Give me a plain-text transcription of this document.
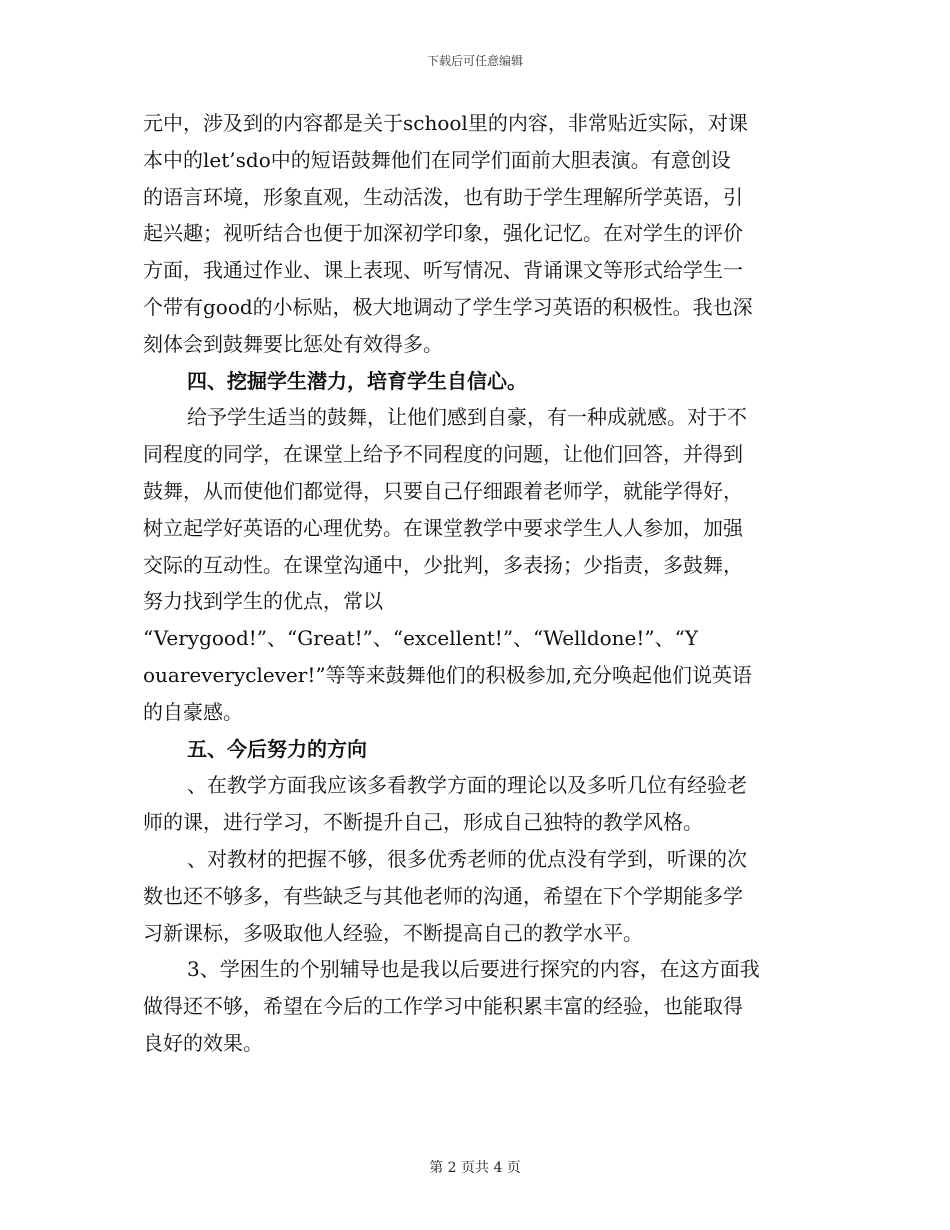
下载后可任意编辑
元中，涉及到的内容都是关于school里的内容，非常贴近实际，对课
本中的let’sdo中的短语鼓舞他们在同学们面前大胆表演。有意创设
的语言环境，形象直观，生动活泼，也有助于学生理解所学英语，引
起兴趣；视听结合也便于加深初学印象，强化记忆。在对学生的评价
方面，我通过作业、课上表现、听写情况、背诵课文等形式给学生一
个带有good的小标贴，极大地调动了学生学习英语的积极性。我也深
刻体会到鼓舞要比惩处有效得多。
四、挖掘学生潜力，培育学生自信心。
给予学生适当的鼓舞，让他们感到自豪，有一种成就感。对于不
同程度的同学，在课堂上给予不同程度的问题，让他们回答，并得到
鼓舞，从而使他们都觉得，只要自己仔细跟着老师学，就能学得好，
树立起学好英语的心理优势。在课堂教学中要求学生人人参加，加强
交际的互动性。在课堂沟通中，少批判，多表扬；少指责，多鼓舞，
努力找到学生的优点，常以
“Verygood!”、“Great!”、“excellent!”、“Welldone!”、“Y
ouareveryclever!”等等来鼓舞他们的积极参加,充分唤起他们说英语
的自豪感。
五、今后努力的方向
、在教学方面我应该多看教学方面的理论以及多听几位有经验老
师的课，进行学习，不断提升自己，形成自己独特的教学风格。
、对教材的把握不够，很多优秀老师的优点没有学到，听课的次
数也还不够多，有些缺乏与其他老师的沟通，希望在下个学期能多学
习新课标，多吸取他人经验，不断提高自己的教学水平。
3、学困生的个别辅导也是我以后要进行探究的内容，在这方面我
做得还不够，希望在今后的工作学习中能积累丰富的经验，也能取得
良好的效果。
第 2 页共 4 页
